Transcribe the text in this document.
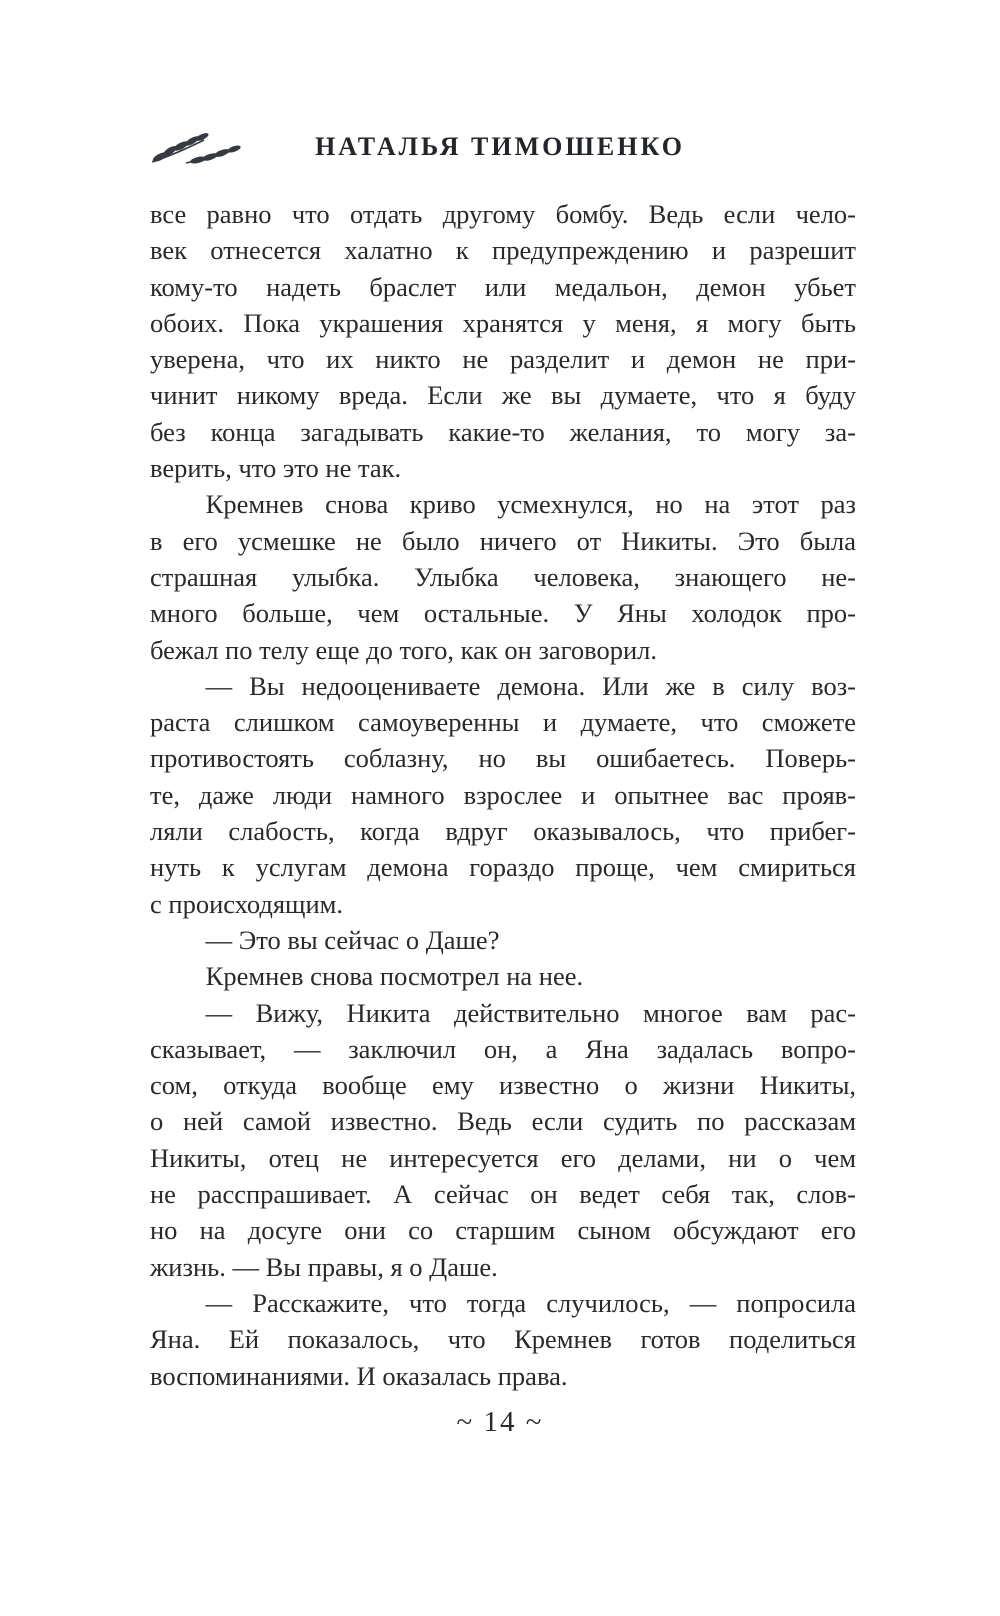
НАТАЛЬЯ ТИМОШЕНКО
все равно что отдать другому бомбу. Ведь если чело-
век отнесется халатно к предупреждению и разрешит
кому-то надеть браслет или медальон, демон убьет
обоих. Пока украшения хранятся у меня, я могу быть
уверена, что их никто не разделит и демон не при-
чинит никому вреда. Если же вы думаете, что я буду
без конца загадывать какие-то желания, то могу за-
верить, что это не так.
Кремнев снова криво усмехнулся, но на этот раз
в его усмешке не было ничего от Никиты. Это была
страшная улыбка. Улыбка человека, знающего не-
много больше, чем остальные. У Яны холодок про-
бежал по телу еще до того, как он заговорил.
— Вы недооцениваете демона. Или же в силу воз-
раста слишком самоуверенны и думаете, что сможете
противостоять соблазну, но вы ошибаетесь. Поверь-
те, даже люди намного взрослее и опытнее вас прояв-
ляли слабость, когда вдруг оказывалось, что прибег-
нуть к услугам демона гораздо проще, чем смириться
с происходящим.
— Это вы сейчас о Даше?
Кремнев снова посмотрел на нее.
— Вижу, Никита действительно многое вам рас-
сказывает, — заключил он, а Яна задалась вопро-
сом, откуда вообще ему известно о жизни Никиты,
о ней самой известно. Ведь если судить по рассказам
Никиты, отец не интересуется его делами, ни о чем
не расспрашивает. А сейчас он ведет себя так, слов-
но на досуге они со старшим сыном обсуждают его
жизнь. — Вы правы, я о Даше.
— Расскажите, что тогда случилось, — попросила
Яна. Ей показалось, что Кремнев готов поделиться
воспоминаниями. И оказалась права.
~ 14 ~
